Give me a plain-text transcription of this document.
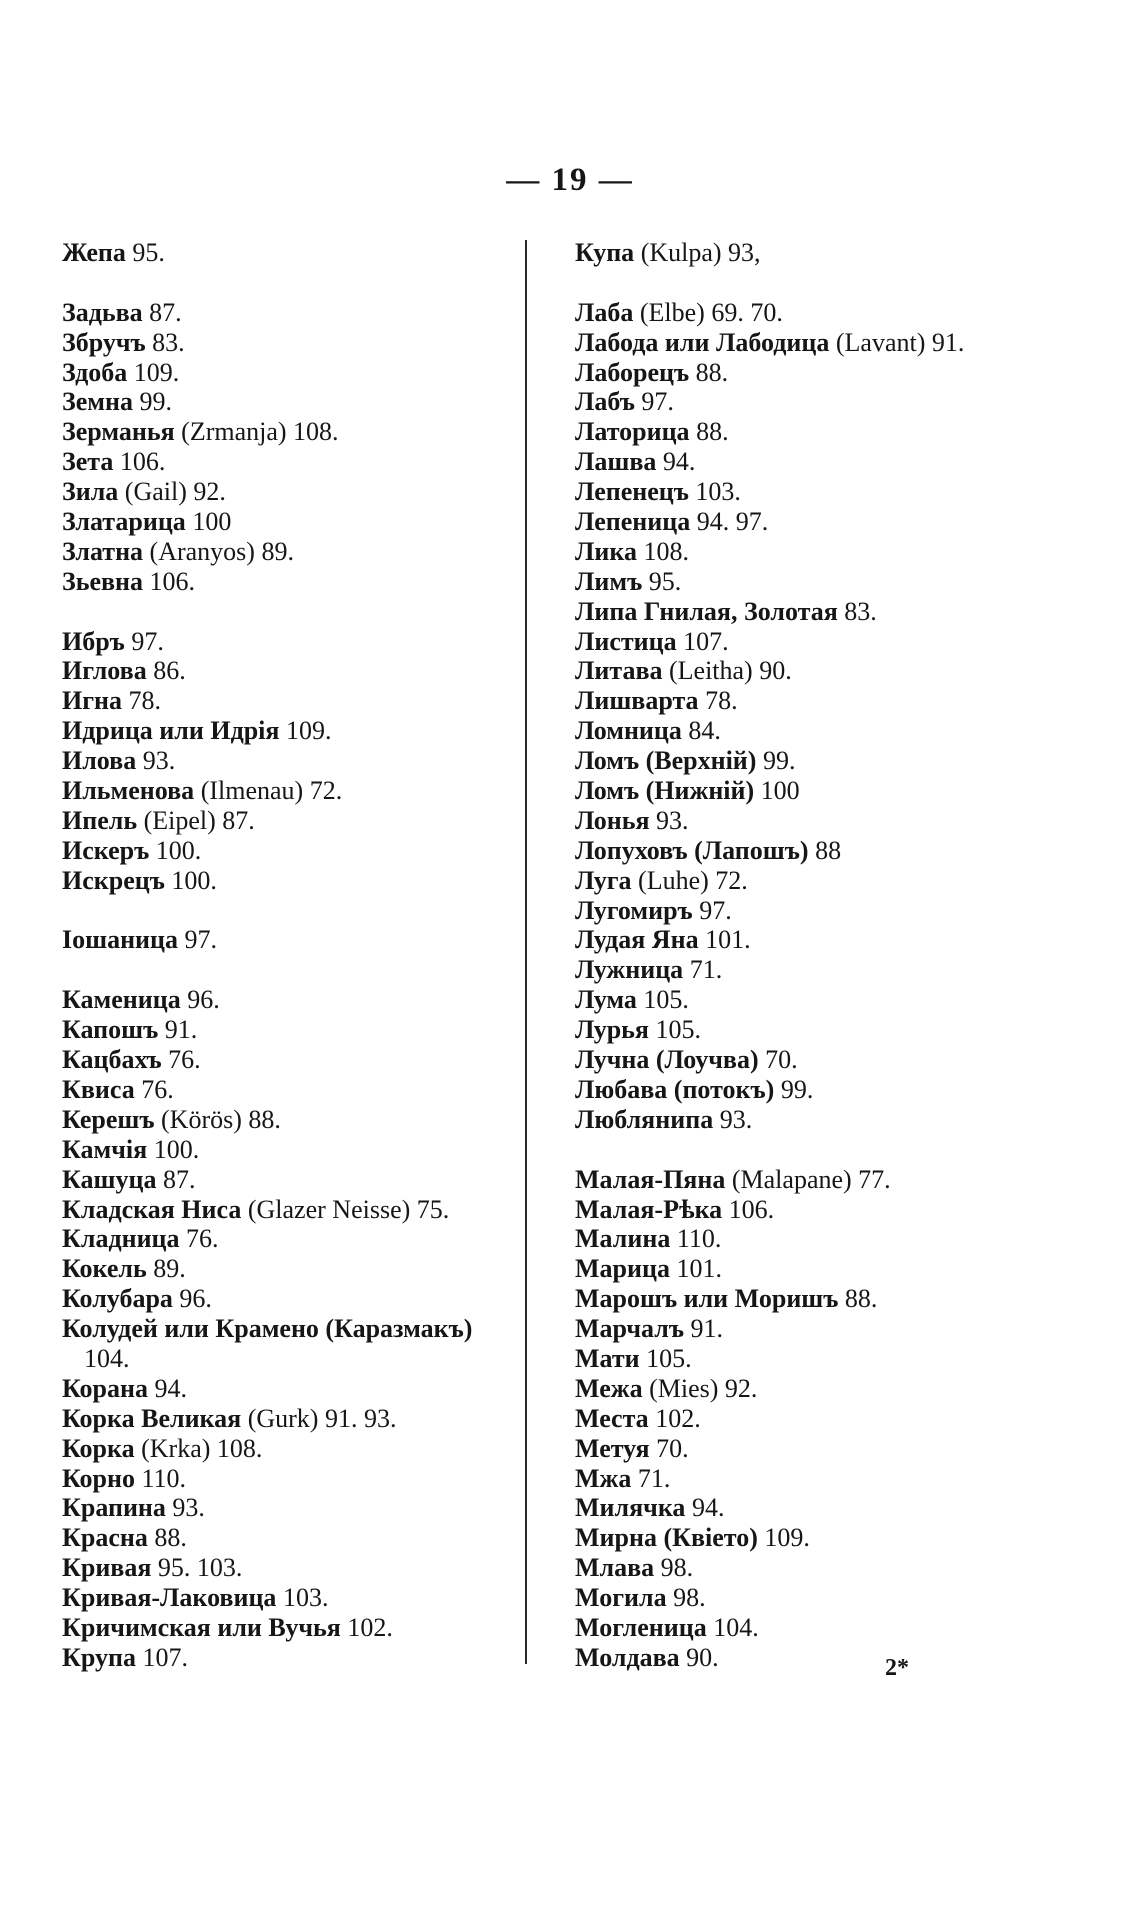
— 19 —
Жепа 95.
Задьва 87.
Збручъ 83.
Здоба 109.
Земна 99.
Зерманья (Zrmanja) 108.
Зета 106.
Зила (Gail) 92.
Златарица 100
Златна (Aranyos) 89.
Зьевна 106.
Ибръ 97.
Иглова 86.
Игна 78.
Идрица или Идрія 109.
Илова 93.
Ильменова (Ilmenau) 72.
Ипель (Eipel) 87.
Искеръ 100.
Искрецъ 100.
Iошаница 97.
Каменица 96.
Капошъ 91.
Кацбахъ 76.
Квиса 76.
Керешъ (Körös) 88.
Камчія 100.
Кашуца 87.
Кладская Ниса (Glazer Neisse) 75.
Кладница 76.
Кокель 89.
Колубара 96.
Колудей или Крамено (Каразмакъ)
104.
Корана 94.
Корка Великая (Gurk) 91. 93.
Корка (Krka) 108.
Корно 110.
Крапина 93.
Красна 88.
Кривая 95. 103.
Кривая-Лаковица 103.
Кричимская или Вучья 102.
Крупа 107.
Купа (Kulpa) 93,
Лаба (Elbe) 69. 70.
Лабода или Лабодица (Lavant) 91.
Лаборецъ 88.
Лабъ 97.
Латорица 88.
Лашва 94.
Лепенецъ 103.
Лепеница 94. 97.
Лика 108.
Лимъ 95.
Липа Гнилая, Золотая 83.
Листица 107.
Литава (Leitha) 90.
Лишварта 78.
Ломница 84.
Ломъ (Верхній) 99.
Ломъ (Нижній) 100
Лонья 93.
Лопуховъ (Лапошъ) 88
Луга (Luhe) 72.
Лугомиръ 97.
Лудая Яна 101.
Лужница 71.
Лума 105.
Лурья 105.
Лучна (Лоучва) 70.
Любава (потокъ) 99.
Люблянипа 93.
Малая-Пяна (Malapane) 77.
Малая-Рѣка 106.
Малина 110.
Марица 101.
Марошъ или Моришъ 88.
Марчалъ 91.
Мати 105.
Межа (Mies) 92.
Места 102.
Метуя 70.
Мжа 71.
Милячка 94.
Мирна (Квіето) 109.
Млава 98.
Могила 98.
Могленица 104.
Молдава 90.	2*
